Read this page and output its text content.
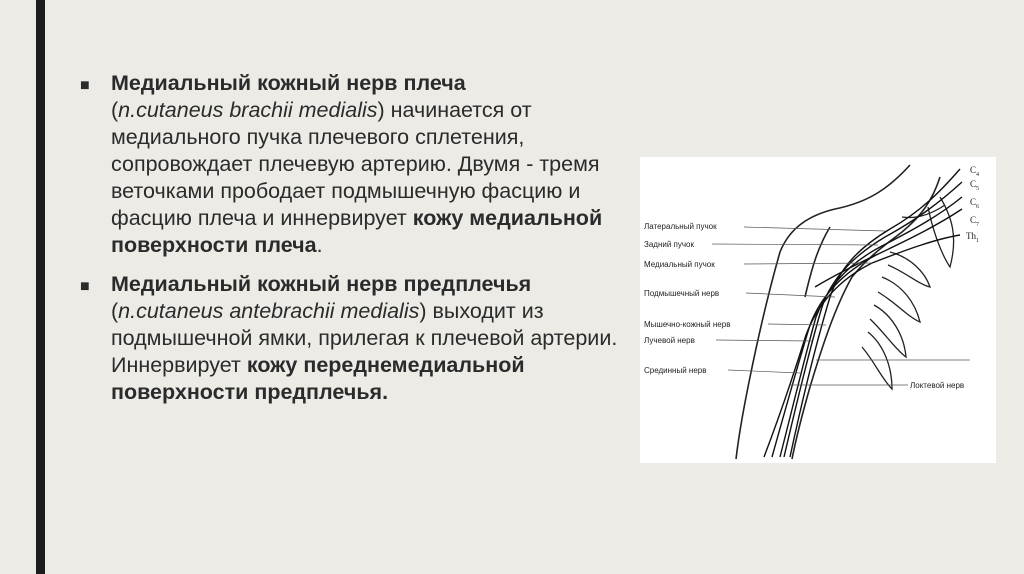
■ Медиальный кожный нерв плеча
(n.cutaneus brachii medialis) начинается от медиального пучка плечевого сплетения, сопровождает плечевую артерию. Двумя - тремя веточками прободает подмышечную фасцию и фасцию плеча и иннервирует кожу медиальной поверхности плеча.

■ Медиальный кожный нерв предплечья
(n.cutaneus antebrachii medialis) выходит из подмышечной ямки, прилегая к плечевой артерии. Иннервирует кожу переднемедиальной поверхности предплечья.

Латеральный пучок
Задний пучок
Медиальный пучок
Подмышечный нерв
Мышечно-кожный нерв
Лучевой нерв
Срединный нерв
Локтевой нерв
$C_4$
$C_5$
$C_6$
$C_7$
$Th_1$
